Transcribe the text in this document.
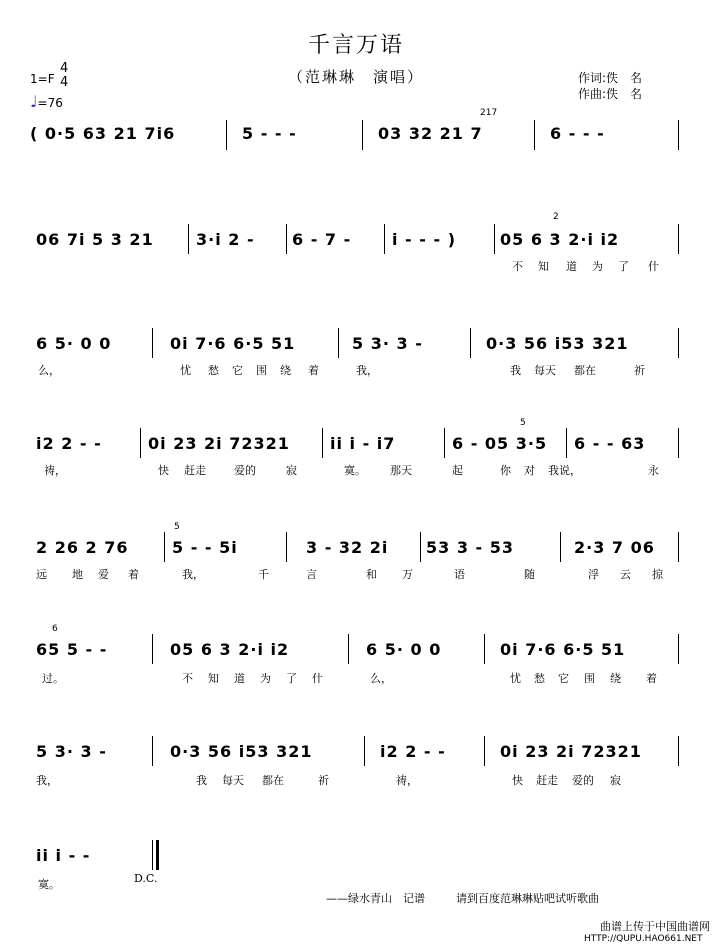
千言万语
（范琳琳　演唱）
1=F
4
4
♩=76
作词:佚　名
作曲:佚　名
( 0·5 63 21 7i6	5 - - -	03 32 21 7
217
6 - - -
06 7i 5 3 21	3·i 2 - 6 - 7 -	i - - - )	05 6 3 2·i i2
2
不 知 道 为 了 什
6 5· 0 0	0i 7·6 6·5 51	5 3· 3 -	0·3 56 i53 321
么，	忧 愁 它 围 绕 着	我，	我 每天 都在	祈
i2 2 - -	0i 23 2i 72321	ii i - i7	6 - 05 3·5
5
6 - - 63
祷，	快 赶走	爱的	寂	寞。 那天	起	你 对 我说，	永
2 26 2 76	5 - - 5i
5
3 - 32 2i 53 3 - 53	2·3 7 06
远 地 爱 着	我，	千	言	和 万	语	随	浮 云 掠
65 5 - -
6
05 6 3 2·i i2	6 5· 0 0	0i 7·6 6·5 51
过。	不 知 道 为 了 什	么，	忧 愁 它 围 绕 着
5 3· 3 -	0·3 56 i53 321	i2 2 - -	0i 23 2i 72321
我，	我 每天 都在	祈	祷，	快 赶走 爱的 寂
ii i - -
寞。	D.C.
——绿水青山　记谱	请到百度范琳琳贴吧试听歌曲
曲谱上传于中国曲谱网
HTTP://QUPU.HAO661.NET
